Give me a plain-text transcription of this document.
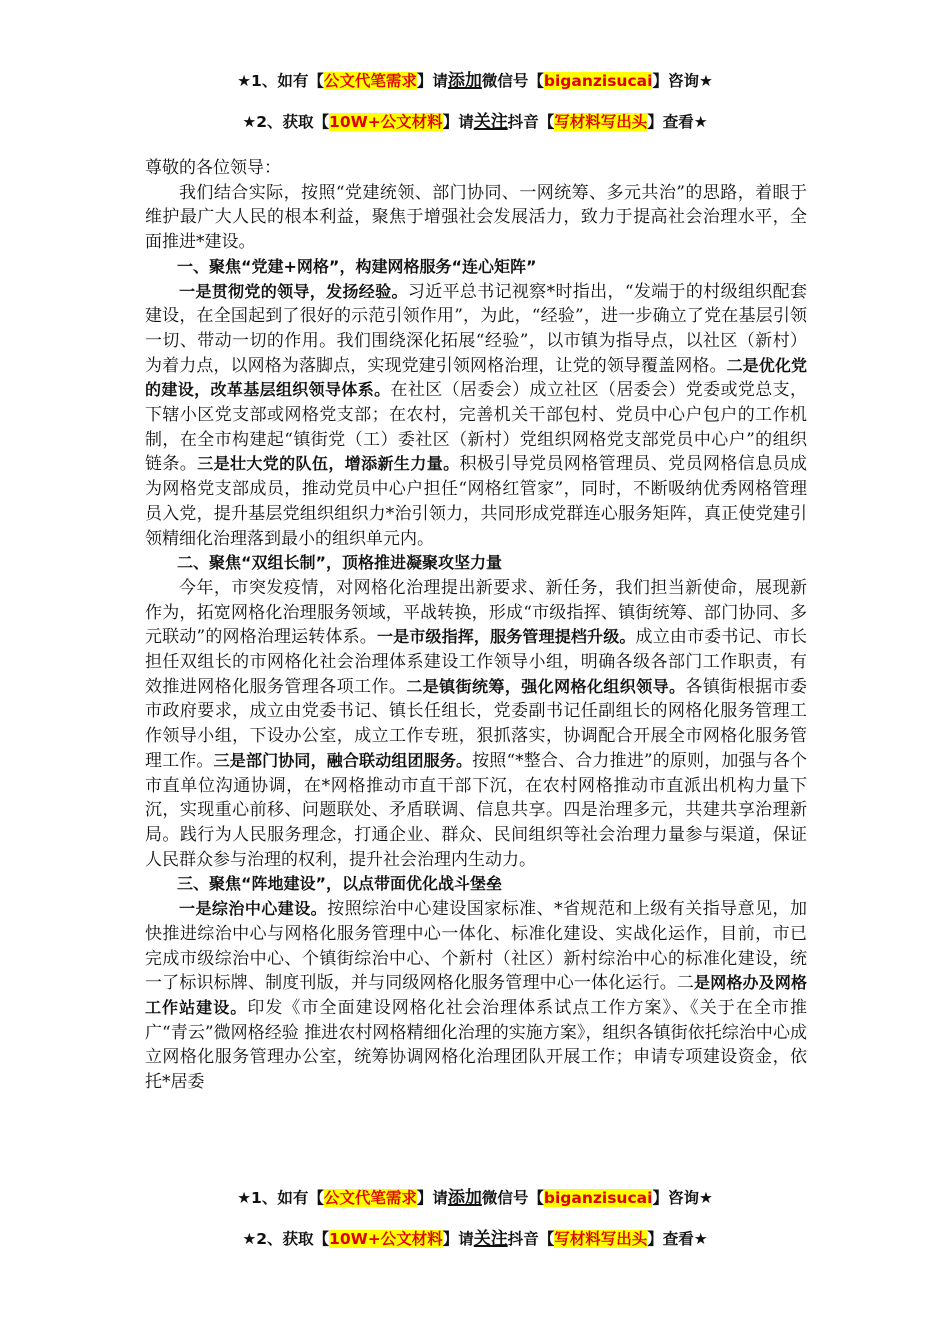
★1、如有【公文代笔需求】请添加微信号【biganzisucai】咨询★
★2、获取【10W+公文材料】请关注抖音【写材料写出头】查看★

尊敬的各位领导：

我们结合实际，按照“党建统领、部门协同、一网统筹、多元共治”的思路，着眼于维护最广大人民的根本利益，聚焦于增强社会发展活力，致力于提高社会治理水平，全面推进*建设。

一、聚焦“党建+网格”，构建网格服务“连心矩阵”

一是贯彻党的领导，发扬经验。习近平总书记视察*时指出，“发端于的村级组织配套建设，在全国起到了很好的示范引领作用”，为此，“经验”，进一步确立了党在基层引领一切、带动一切的作用。我们围绕深化拓展“经验”，以市镇为指导点，以社区（新村）为着力点，以网格为落脚点，实现党建引领网格治理，让党的领导覆盖网格。二是优化党的建设，改革基层组织领导体系。在社区（居委会）成立社区（居委会）党委或党总支，下辖小区党支部或网格党支部；在农村，完善机关干部包村、党员中心户包户的工作机制，在全市构建起“镇街党（工）委社区（新村）党组织网格党支部党员中心户”的组织链条。三是壮大党的队伍，增添新生力量。积极引导党员网格管理员、党员网格信息员成为网格党支部成员，推动党员中心户担任“网格红管家”，同时，不断吸纳优秀网格管理员入党，提升基层党组织组织力*治引领力，共同形成党群连心服务矩阵，真正使党建引领精细化治理落到最小的组织单元内。

二、聚焦“双组长制”，顶格推进凝聚攻坚力量

今年，市突发疫情，对网格化治理提出新要求、新任务，我们担当新使命，展现新作为，拓宽网格化治理服务领域，平战转换，形成“市级指挥、镇街统筹、部门协同、多元联动”的网格治理运转体系。一是市级指挥，服务管理提档升级。成立由市委书记、市长担任双组长的市网格化社会治理体系建设工作领导小组，明确各级各部门工作职责，有效推进网格化服务管理各项工作。二是镇街统筹，强化网格化组织领导。各镇街根据市委市政府要求，成立由党委书记、镇长任组长，党委副书记任副组长的网格化服务管理工作领导小组，下设办公室，成立工作专班，狠抓落实，协调配合开展全市网格化服务管理工作。三是部门协同，融合联动组团服务。按照“*整合、合力推进”的原则，加强与各个市直单位沟通协调，在*网格推动市直干部下沉，在农村网格推动市直派出机构力量下沉，实现重心前移、问题联处、矛盾联调、信息共享。四是治理多元，共建共享治理新局。践行为人民服务理念，打通企业、群众、民间组织等社会治理力量参与渠道，保证人民群众参与治理的权利，提升社会治理内生动力。

三、聚焦“阵地建设”，以点带面优化战斗堡垒

一是综治中心建设。按照综治中心建设国家标准、*省规范和上级有关指导意见，加快推进综治中心与网格化服务管理中心一体化、标准化建设、实战化运作，目前，市已完成市级综治中心、个镇街综治中心、个新村（社区）新村综治中心的标准化建设，统一了标识标牌、制度刊版，并与同级网格化服务管理中心一体化运行。二是网格办及网格工作站建设。印发《市全面建设网格化社会治理体系试点工作方案》、《关于在全市推广“青云”微网格经验 推进农村网格精细化治理的实施方案》，组织各镇街依托综治中心成立网格化服务管理办公室，统筹协调网格化治理团队开展工作；申请专项建设资金，依托*居委

★1、如有【公文代笔需求】请添加微信号【biganzisucai】咨询★
★2、获取【10W+公文材料】请关注抖音【写材料写出头】查看★
